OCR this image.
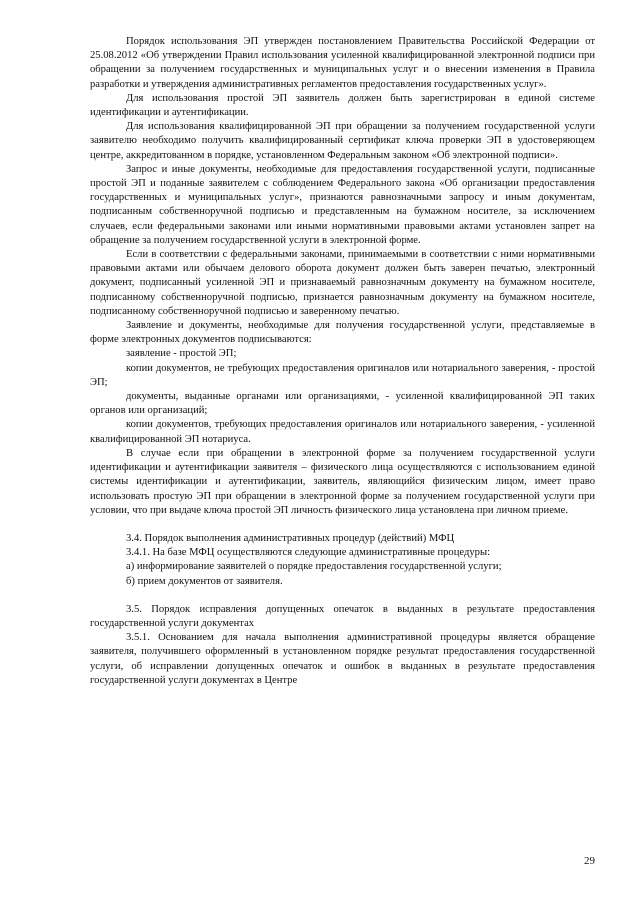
Порядок использования ЭП утвержден постановлением Правительства Российской Федерации от 25.08.2012 «Об утверждении Правил использования усиленной квалифицированной электронной подписи при обращении за получением государственных и муниципальных услуг и о внесении изменения в Правила разработки и утверждения административных регламентов предоставления государственных услуг».

Для использования простой ЭП заявитель должен быть зарегистрирован в единой системе идентификации и аутентификации.

Для использования квалифицированной ЭП при обращении за получением государственной услуги заявителю необходимо получить квалифицированный сертификат ключа проверки ЭП в удостоверяющем центре, аккредитованном в порядке, установленном Федеральным законом «Об электронной подписи».

Запрос и иные документы, необходимые для предоставления государственной услуги, подписанные простой ЭП и поданные заявителем с соблюдением Федерального закона «Об организации предоставления государственных и муниципальных услуг», признаются равнозначными запросу и иным документам, подписанным собственноручной подписью и представленным на бумажном носителе, за исключением случаев, если федеральными законами или иными нормативными правовыми актами установлен запрет на обращение за получением государственной услуги в электронной форме.

Если в соответствии с федеральными законами, принимаемыми в соответствии с ними нормативными правовыми актами или обычаем делового оборота документ должен быть заверен печатью, электронный документ, подписанный усиленной ЭП и признаваемый равнозначным документу на бумажном носителе, подписанному собственноручной подписью, признается равнозначным документу на бумажном носителе, подписанному собственноручной подписью и заверенному печатью.

Заявление и документы, необходимые для получения государственной услуги, представляемые в форме электронных документов подписываются:

заявление - простой ЭП;

копии документов, не требующих предоставления оригиналов или нотариального заверения, - простой ЭП;

документы, выданные органами или организациями, - усиленной квалифицированной ЭП таких органов или организаций;

копии документов, требующих предоставления оригиналов или нотариального заверения, - усиленной квалифицированной ЭП нотариуса.

В случае если при обращении в электронной форме за получением государственной услуги идентификации и аутентификации заявителя – физического лица осуществляются с использованием единой системы идентификации и аутентификации, заявитель, являющийся физическим лицом, имеет право использовать простую ЭП при обращении в электронной форме за получением государственной услуги при условии, что при выдаче ключа простой ЭП личность физического лица установлена при личном приеме.

3.4. Порядок выполнения административных процедур (действий) МФЦ

3.4.1. На базе МФЦ осуществляются следующие административные процедуры:

а) информирование заявителей о порядке предоставления государственной услуги;

б) прием документов от заявителя.

3.5. Порядок исправления допущенных опечаток в выданных в результате предоставления государственной услуги документах

3.5.1. Основанием для начала выполнения административной процедуры является обращение заявителя, получившего оформленный в установленном порядке результат предоставления государственной услуги, об исправлении допущенных опечаток и ошибок в выданных в результате предоставления государственной услуги документах в Центре

29
